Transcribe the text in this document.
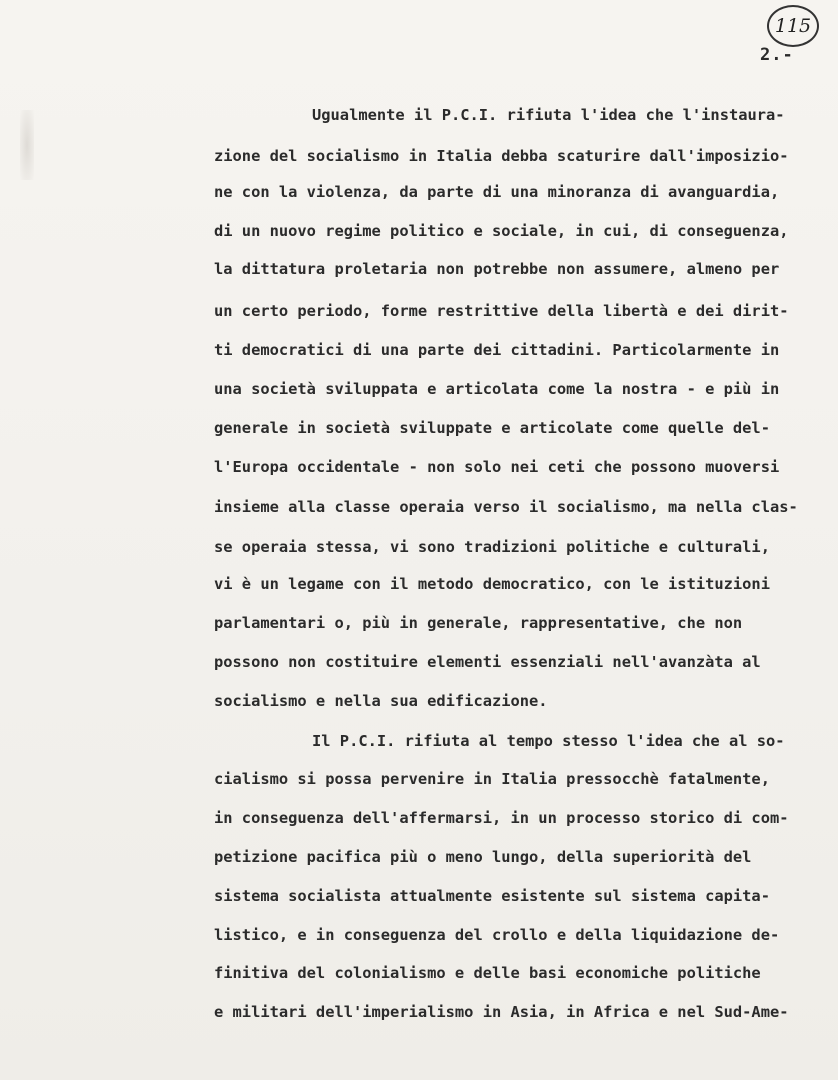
115
2.-
Ugualmente il P.C.I. rifiuta l'idea che l'instaura-
zione del socialismo in Italia debba scaturire dall'imposizio-
ne con la violenza, da parte di una minoranza di avanguardia,
di un nuovo regime politico e sociale, in cui, di conseguenza,
la dittatura proletaria non potrebbe non assumere, almeno per
un certo periodo, forme restrittive della libertà e dei dirit-
ti democratici di una parte dei cittadini. Particolarmente in
una società sviluppata e articolata come la nostra - e più in
generale in società sviluppate e articolate come quelle del-
l'Europa occidentale - non solo nei ceti che possono muoversi
insieme alla classe operaia verso il socialismo, ma nella clas-
se operaia stessa, vi sono tradizioni politiche e culturali,
vi è un legame con il metodo democratico, con le istituzioni
parlamentari o, più in generale, rappresentative, che non
possono non costituire elementi essenziali nell'avanzàta al
socialismo e nella sua edificazione.
Il P.C.I. rifiuta al tempo stesso l'idea che al so-
cialismo si possa pervenire in Italia pressocchè fatalmente,
in conseguenza dell'affermarsi, in un processo storico di com-
petizione pacifica più o meno lungo, della superiorità del
sistema socialista attualmente esistente sul sistema capita-
listico, e in conseguenza del crollo e della liquidazione de-
finitiva del colonialismo e delle basi economiche politiche
e militari dell'imperialismo in Asia, in Africa e nel Sud-Ame-
